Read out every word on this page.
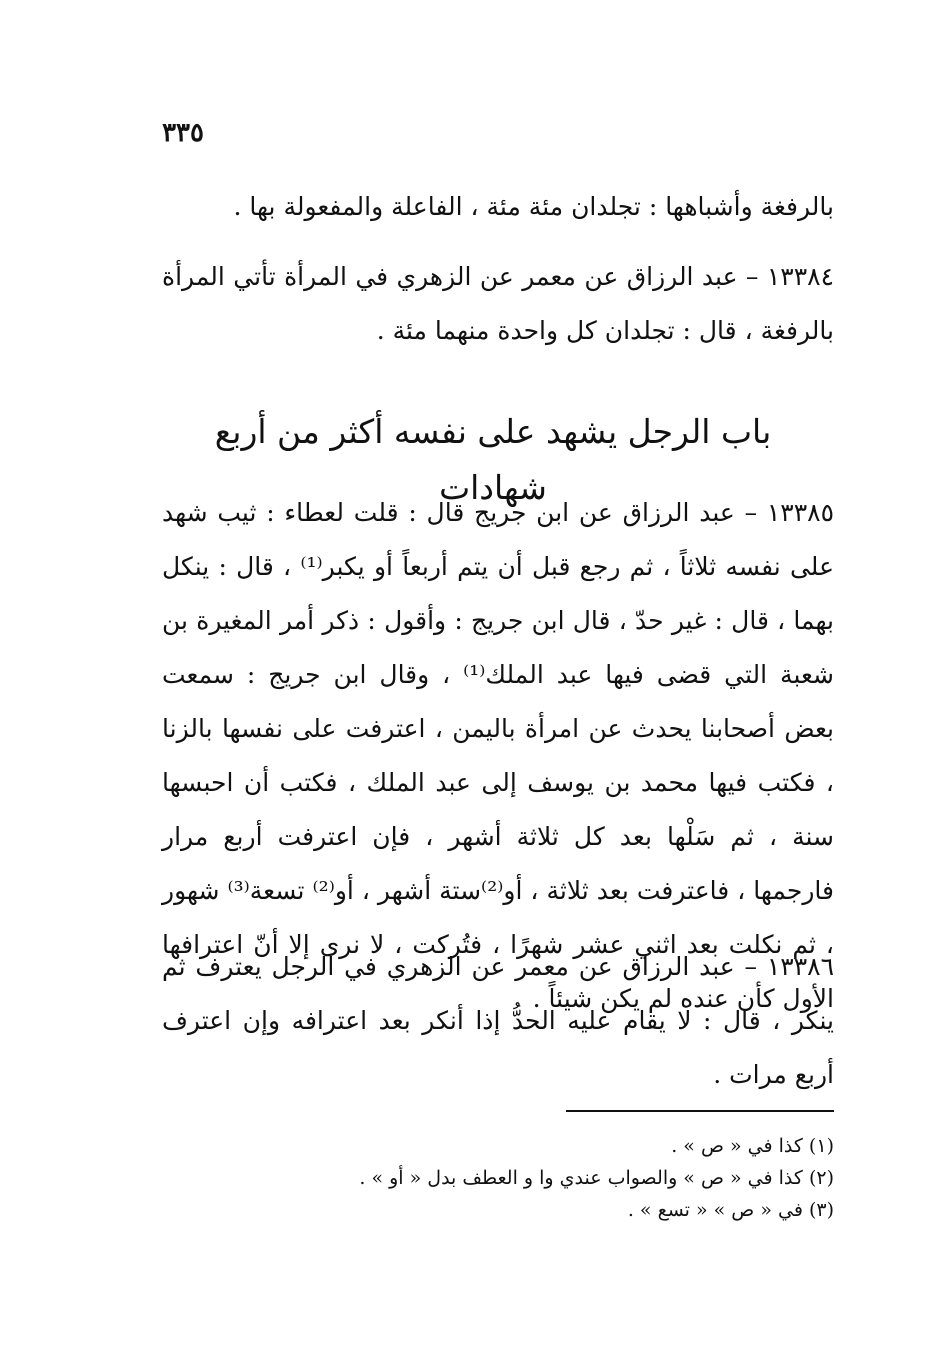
٣٣٥
بالرفغة وأشباهها : تجلدان مئة مئة ، الفاعلة والمفعولة بها .
١٣٣٨٤ – عبد الرزاق عن معمر عن الزهري في المرأة تأتي المرأة بالرفغة ، قال : تجلدان كل واحدة منهما مئة .
باب الرجل يشهد على نفسه أكثر من أربع شهادات
١٣٣٨٥ – عبد الرزاق عن ابن جريج قال : قلت لعطاء : ثيب شهد على نفسه ثلاثاً ، ثم رجع قبل أن يتم أربعاً أو يكبر⁽¹⁾ ، قال : ينكل بهما ، قال : غير حدّ ، قال ابن جريج : وأقول : ذكر أمر المغيرة بن شعبة التي قضى فيها عبد الملك⁽¹⁾ ، وقال ابن جريج : سمعت بعض أصحابنا يحدث عن امرأة باليمن ، اعترفت على نفسها بالزنا ، فكتب فيها محمد بن يوسف إلى عبد الملك ، فكتب أن احبسها سنة ، ثم سَلْها بعد كل ثلاثة أشهر ، فإن اعترفت أربع مرار فارجمها ، فاعترفت بعد ثلاثة ، أو⁽²⁾ستة أشهر ، أو⁽²⁾ تسعة⁽³⁾ شهور ، ثم نكلت بعد اثني عشر شهرًا ، فتُركت ، لا نرى إلا أنّ اعترافها الأول كأن عنده لم يكن شيئاً .
١٣٣٨٦ – عبد الرزاق عن معمر عن الزهري في الرجل يعترف ثم ينكر ، قال : لا يقام عليه الحدُّ إذا أنكر بعد اعترافه وإن اعترف أربع مرات .
(١) كذا في « ص » .
(٢) كذا في « ص » والصواب عندي وا و العطف بدل « أو » .
(٣) في « ص » « تسع » .
